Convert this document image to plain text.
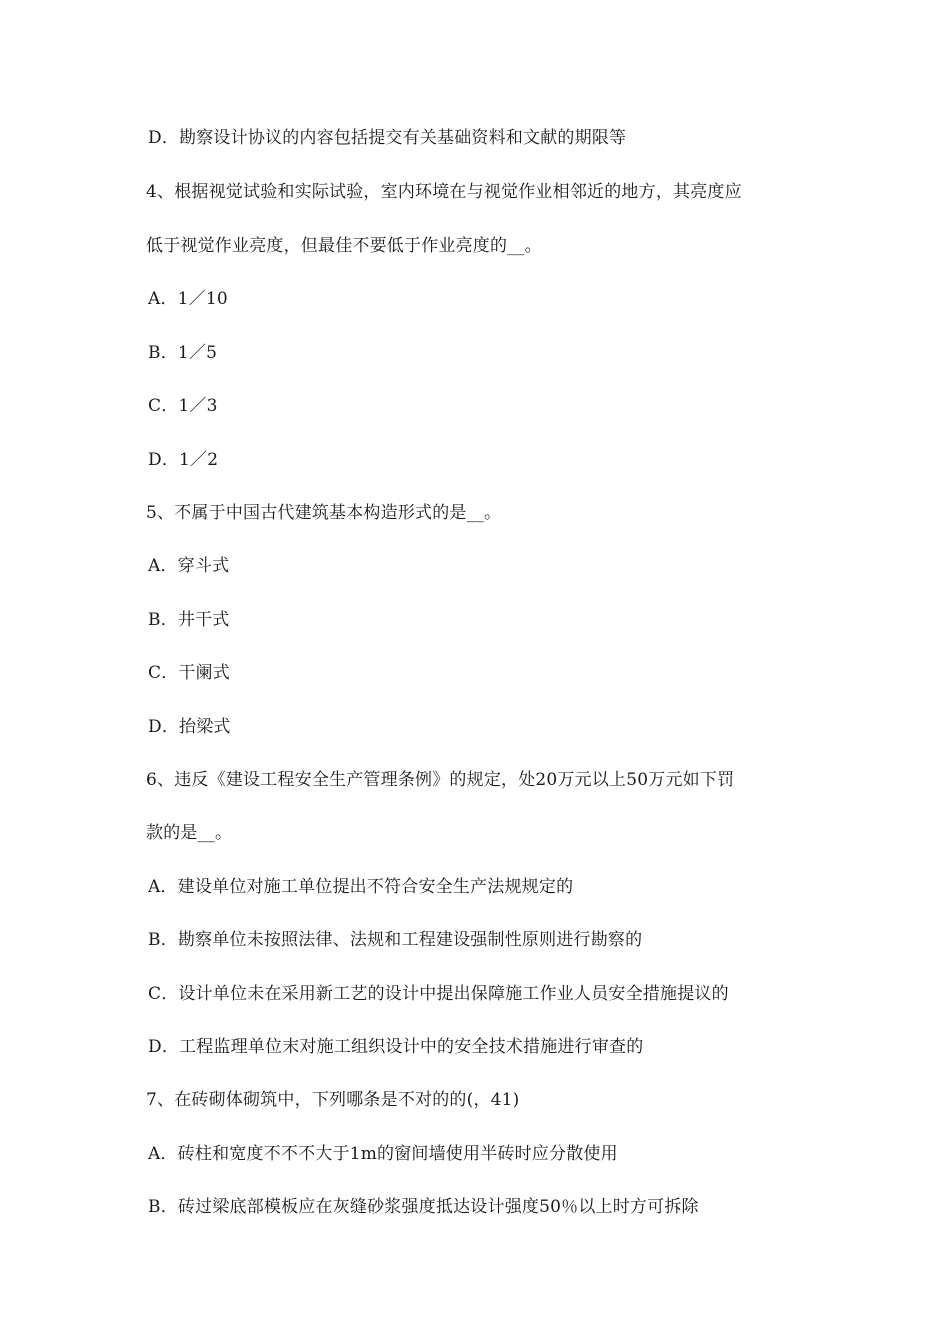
D．勘察设计协议的内容包括提交有关基础资料和文献的期限等
4、根据视觉试验和实际试验，室内环境在与视觉作业相邻近的地方，其亮度应
低于视觉作业亮度，但最佳不要低于作业亮度的__。
A．1／10
B．1／5
C．1／3
D．1／2
5、不属于中国古代建筑基本构造形式的是__。
A．穿斗式
B．井干式
C．干阑式
D．抬梁式
6、违反《建设工程安全生产管理条例》的规定，处20万元以上50万元如下罚
款的是__。
A．建设单位对施工单位提出不符合安全生产法规规定的
B．勘察单位未按照法律、法规和工程建设强制性原则进行勘察的
C．设计单位未在采用新工艺的设计中提出保障施工作业人员安全措施提议的
D．工程监理单位末对施工组织设计中的安全技术措施进行审查的
7、在砖砌体砌筑中，下列哪条是不对的的(，41)
A．砖柱和宽度不不不大于1m的窗间墙使用半砖时应分散使用
B．砖过梁底部模板应在灰缝砂浆强度抵达设计强度50％以上时方可拆除
